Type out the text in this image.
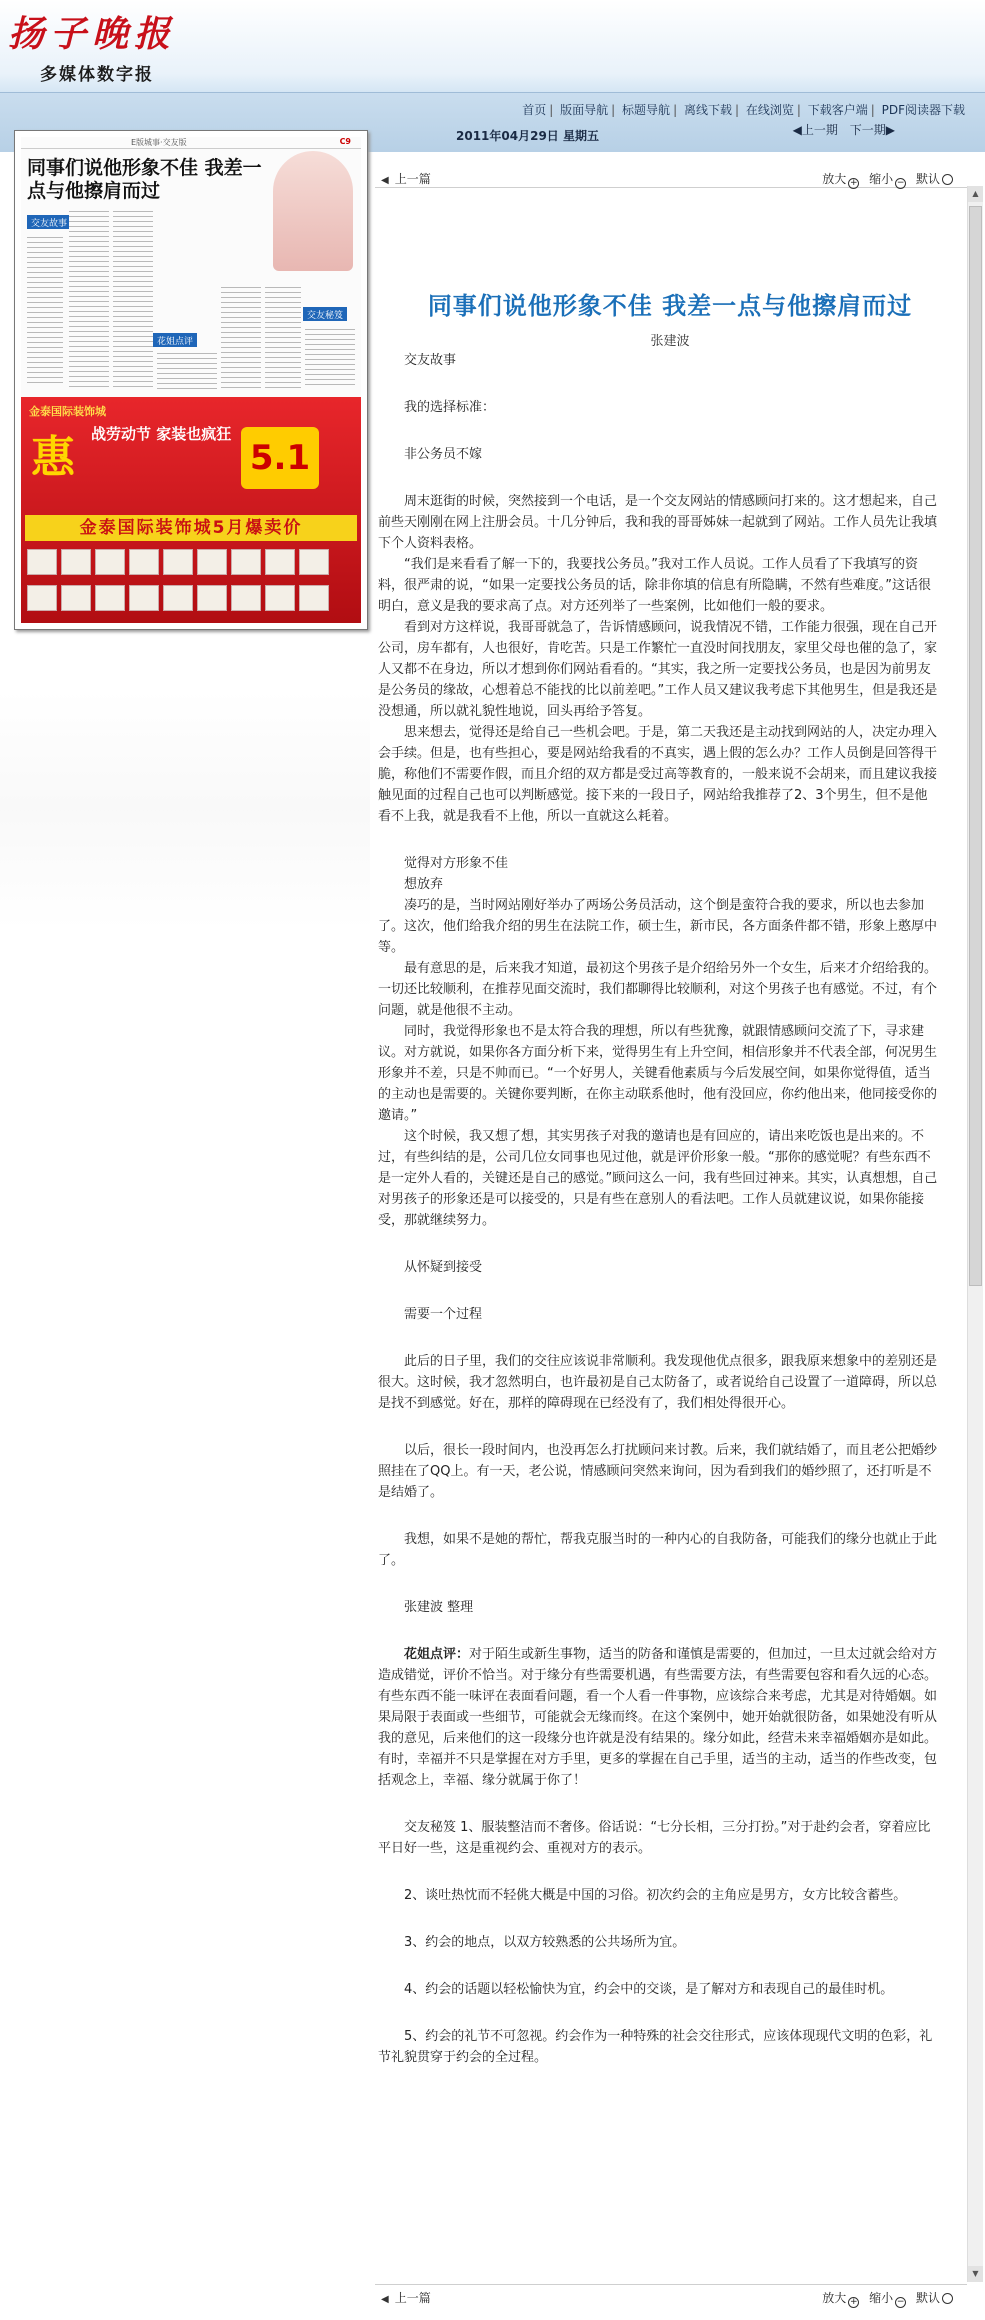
扬子晚报
多媒体数字报
首页 | 版面导航 | 标题导航 | 离线下载 | 在线浏览 | 下载客户端 | PDF阅读器下载
2011年04月29日 星期五	◀上一期 下一期▶
E版城事·交友版	C9
同事们说他形象不佳 我差一点与他擦肩而过
交友故事
花姐点评
交友秘笈
金泰国际装饰城
惠 战劳动节 家装也疯狂
5.1
金泰国际装饰城5月爆卖价
◀ 上一篇	放大 + 缩小 − 默认
▲
▼
同事们说他形象不佳 我差一点与他擦肩而过
张建波

交友故事

我的选择标准：

非公务员不嫁

周末逛街的时候，突然接到一个电话，是一个交友网站的情感顾问打来的。这才想起来，自己前些天刚刚在网上注册会员。十几分钟后，我和我的哥哥姊妹一起就到了网站。工作人员先让我填下个人资料表格。

“我们是来看看了解一下的，我要找公务员。”我对工作人员说。工作人员看了下我填写的资料，很严肃的说，“如果一定要找公务员的话，除非你填的信息有所隐瞒，不然有些难度。”这话很明白，意义是我的要求高了点。对方还列举了一些案例，比如他们一般的要求。

看到对方这样说，我哥哥就急了，告诉情感顾问，说我情况不错，工作能力很强，现在自己开公司，房车都有，人也很好，肯吃苦。只是工作繁忙一直没时间找朋友，家里父母也催的急了，家人又都不在身边，所以才想到你们网站看看的。“其实，我之所一定要找公务员，也是因为前男友是公务员的缘故，心想着总不能找的比以前差吧。”工作人员又建议我考虑下其他男生，但是我还是没想通，所以就礼貌性地说，回头再给予答复。

思来想去，觉得还是给自己一些机会吧。于是，第二天我还是主动找到网站的人，决定办理入会手续。但是，也有些担心，要是网站给我看的不真实，遇上假的怎么办？工作人员倒是回答得干脆，称他们不需要作假，而且介绍的双方都是受过高等教育的，一般来说不会胡来，而且建议我接触见面的过程自己也可以判断感觉。接下来的一段日子，网站给我推荐了2、3个男生，但不是他看不上我，就是我看不上他，所以一直就这么耗着。

觉得对方形象不佳

想放弃

凑巧的是，当时网站刚好举办了两场公务员活动，这个倒是蛮符合我的要求，所以也去参加了。这次，他们给我介绍的男生在法院工作，硕士生，新市民，各方面条件都不错，形象上憨厚中等。

最有意思的是，后来我才知道，最初这个男孩子是介绍给另外一个女生，后来才介绍给我的。一切还比较顺利，在推荐见面交流时，我们都聊得比较顺利，对这个男孩子也有感觉。不过，有个问题，就是他很不主动。

同时，我觉得形象也不是太符合我的理想，所以有些犹豫，就跟情感顾问交流了下，寻求建议。对方就说，如果你各方面分析下来，觉得男生有上升空间，相信形象并不代表全部，何况男生形象并不差，只是不帅而已。“一个好男人，关键看他素质与今后发展空间，如果你觉得值，适当的主动也是需要的。关键你要判断，在你主动联系他时，他有没回应，你约他出来，他同接受你的邀请。”

这个时候，我又想了想，其实男孩子对我的邀请也是有回应的，请出来吃饭也是出来的。不过，有些纠结的是，公司几位女同事也见过他，就是评价形象一般。“那你的感觉呢？有些东西不是一定外人看的，关键还是自己的感觉。”顾问这么一问，我有些回过神来。其实，认真想想，自己对男孩子的形象还是可以接受的，只是有些在意别人的看法吧。工作人员就建议说，如果你能接受，那就继续努力。

从怀疑到接受

需要一个过程

此后的日子里，我们的交往应该说非常顺利。我发现他优点很多，跟我原来想象中的差别还是很大。这时候，我才忽然明白，也许最初是自己太防备了，或者说给自己设置了一道障碍，所以总是找不到感觉。好在，那样的障碍现在已经没有了，我们相处得很开心。

以后，很长一段时间内，也没再怎么打扰顾问来讨教。后来，我们就结婚了，而且老公把婚纱照挂在了QQ上。有一天，老公说，情感顾问突然来询问，因为看到我们的婚纱照了，还打听是不是结婚了。

我想，如果不是她的帮忙，帮我克服当时的一种内心的自我防备，可能我们的缘分也就止于此了。

张建波 整理

花姐点评：对于陌生或新生事物，适当的防备和谨慎是需要的，但加过，一旦太过就会给对方造成错觉，评价不恰当。对于缘分有些需要机遇，有些需要方法，有些需要包容和看久远的心态。有些东西不能一味评在表面看问题，看一个人看一件事物，应该综合来考虑，尤其是对待婚姻。如果局限于表面或一些细节，可能就会无缘而终。在这个案例中，她开始就很防备，如果她没有听从我的意见，后来他们的这一段缘分也许就是没有结果的。缘分如此，经营未来幸福婚姻亦是如此。有时，幸福并不只是掌握在对方手里，更多的掌握在自己手里，适当的主动，适当的作些改变，包括观念上，幸福、缘分就属于你了！

交友秘笈 1、服装整洁而不奢侈。俗话说：“七分长相，三分打扮。”对于赴约会者，穿着应比平日好一些，这是重视约会、重视对方的表示。

2、谈吐热忱而不轻佻大概是中国的习俗。初次约会的主角应是男方，女方比较含蓄些。

3、约会的地点，以双方较熟悉的公共场所为宜。

4、约会的话题以轻松愉快为宜，约会中的交谈，是了解对方和表现自己的最佳时机。

5、约会的礼节不可忽视。约会作为一种特殊的社会交往形式，应该体现现代文明的色彩，礼节礼貌贯穿于约会的全过程。

◀ 上一篇	放大 + 缩小 − 默认
